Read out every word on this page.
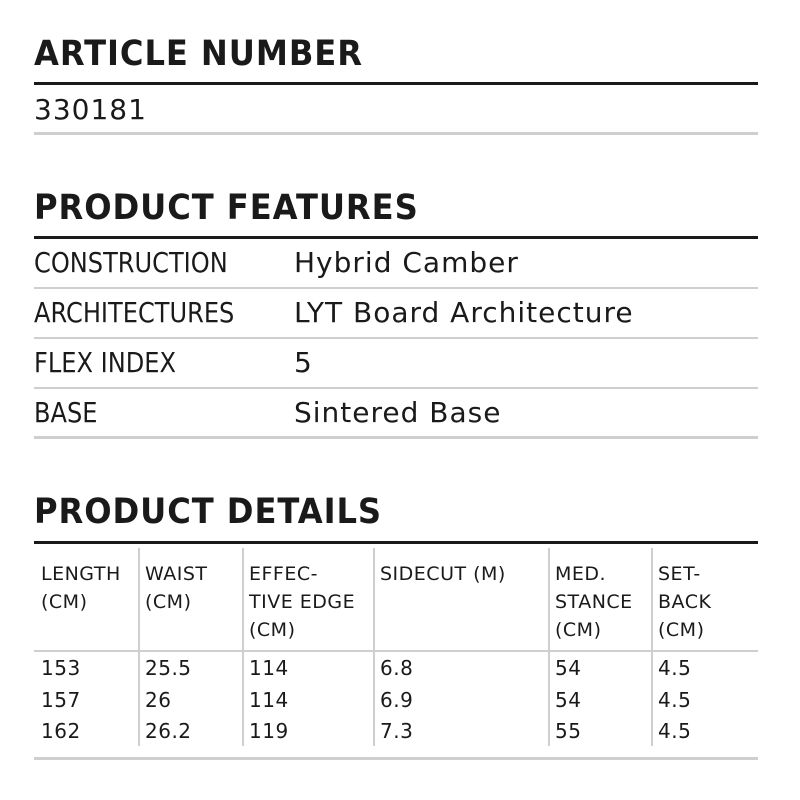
ARTICLE NUMBER
330181
PRODUCT FEATURES
CONSTRUCTION Hybrid Camber
ARCHITECTURES LYT Board Architecture
FLEX INDEX	5
BASE	Sintered Base
PRODUCT DETAILS
LENGTH
(CM)
153
157
162
WAIST
(CM)
25.5
26
26.2
EFFEC-
TIVE EDGE
(CM)
114
114
119
SIDECUT (M)
6.8
6.9
7.3
MED.
STANCE
(CM)
54
54
55
SET-
BACK
(CM)
4.5
4.5
4.5
